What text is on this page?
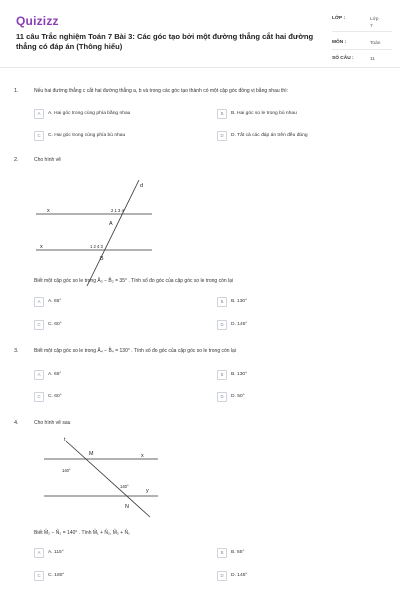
Quizizz
11 câu Trắc nghiệm Toán 7 Bài 3: Các góc tạo bởi một đường thẳng cắt hai đường thẳng có đáp án (Thông hiểu)
LỚP :	Lớp 7
MÔN :	Toán
SỐ CÂU :	11
1.	Nếu hai đường thẳng c cắt hai đường thẳng a, b và trong các góc tạo thành có một cặp góc đồng vị bằng nhau thì:
A	A. Hai góc trong cùng phía bằng nhau	B	B. Hai góc so le trong bù nhau
C	C. Hai góc trong cùng phía bù nhau	D	D. Tất cả các đáp án trên đều đúng
2.	Cho hình vẽ
x
x
d
2 1 3 4
A
1 2 4 3
B
Biết một cặp góc so le trong Â₃ − B̂₂ = 35° . Tính số đo góc của cặp góc so le trong còn lại
A	A. 65°	B	B. 130°
C	C. 60°	D	D. 145°
3.	Biết một cặp góc so le trong Â₄ − B̂₄ = 130° . Tính số đo góc của cặp góc so le trong còn lại
A	A. 65°	B	B. 130°
C	C. 60°	D	D. 50°
4.	Cho hình vẽ sau
t
M	x
y
N
140°
140°
Biết M̂₂ − N̂₂ = 140° . Tính M̂₁ + N̂₂, M̂₂ + N̂₁
A	A. 115°	B	B. 55°
C	C. 180°	D	D. 145°
